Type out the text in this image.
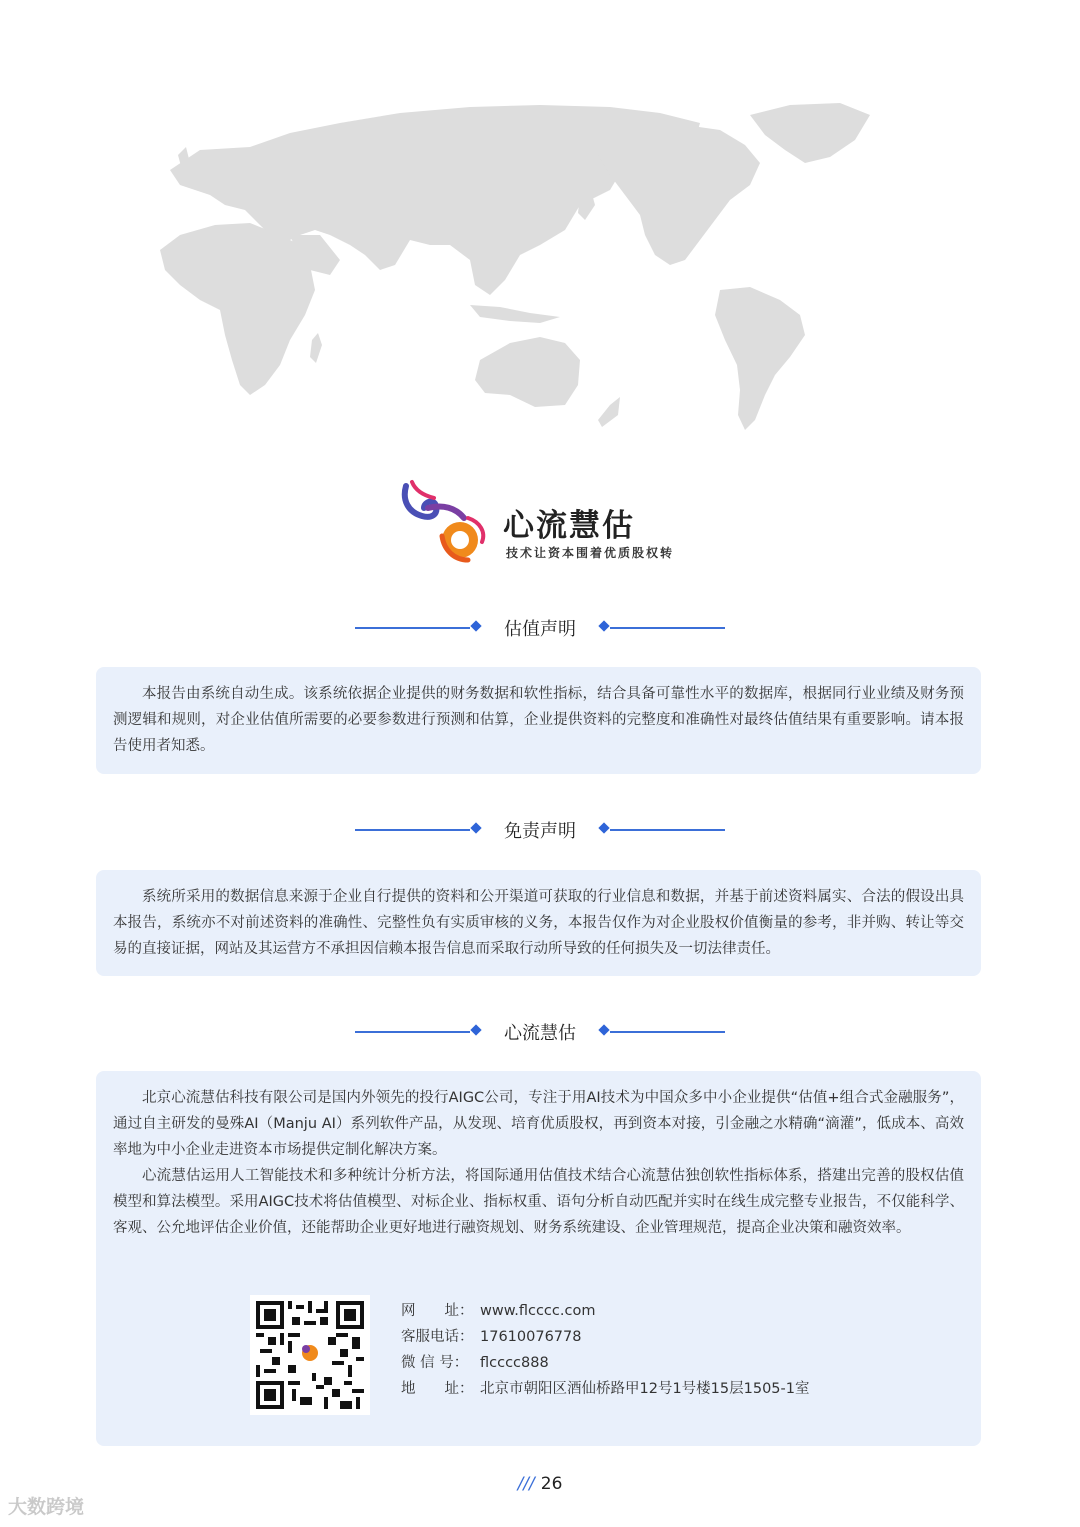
心流慧估
技术让资本围着优质股权转
估值声明

本报告由系统自动生成。该系统依据企业提供的财务数据和软性指标，结合具备可靠性水平的数据库，根据同行业业绩及财务预测逻辑和规则，对企业估值所需要的必要参数进行预测和估算，企业提供资料的完整度和准确性对最终估值结果有重要影响。请本报告使用者知悉。

免责声明

系统所采用的数据信息来源于企业自行提供的资料和公开渠道可获取的行业信息和数据，并基于前述资料属实、合法的假设出具本报告，系统亦不对前述资料的准确性、完整性负有实质审核的义务，本报告仅作为对企业股权价值衡量的参考，非并购、转让等交易的直接证据，网站及其运营方不承担因信赖本报告信息而采取行动所导致的任何损失及一切法律责任。

心流慧估

北京心流慧估科技有限公司是国内外领先的投行AIGC公司，专注于用AI技术为中国众多中小企业提供“估值+组合式金融服务”，通过自主研发的曼殊AI（Manju AI）系列软件产品，从发现、培育优质股权，再到资本对接，引金融之水精确“滴灌”，低成本、高效率地为中小企业走进资本市场提供定制化解决方案。

心流慧估运用人工智能技术和多种统计分析方法，将国际通用估值技术结合心流慧估独创软性指标体系，搭建出完善的股权估值模型和算法模型。采用AIGC技术将估值模型、对标企业、指标权重、语句分析自动匹配并实时在线生成完整专业报告，不仅能科学、客观、公允地评估企业价值，还能帮助企业更好地进行融资规划、财务系统建设、企业管理规范，提高企业决策和融资效率。

网　　址： www.flcccc.com
客服电话： 17610076778
微 信 号： flcccc888
地　　址： 北京市朝阳区酒仙桥路甲12号1号楼15层1505-1室
/// 26
大数跨境
